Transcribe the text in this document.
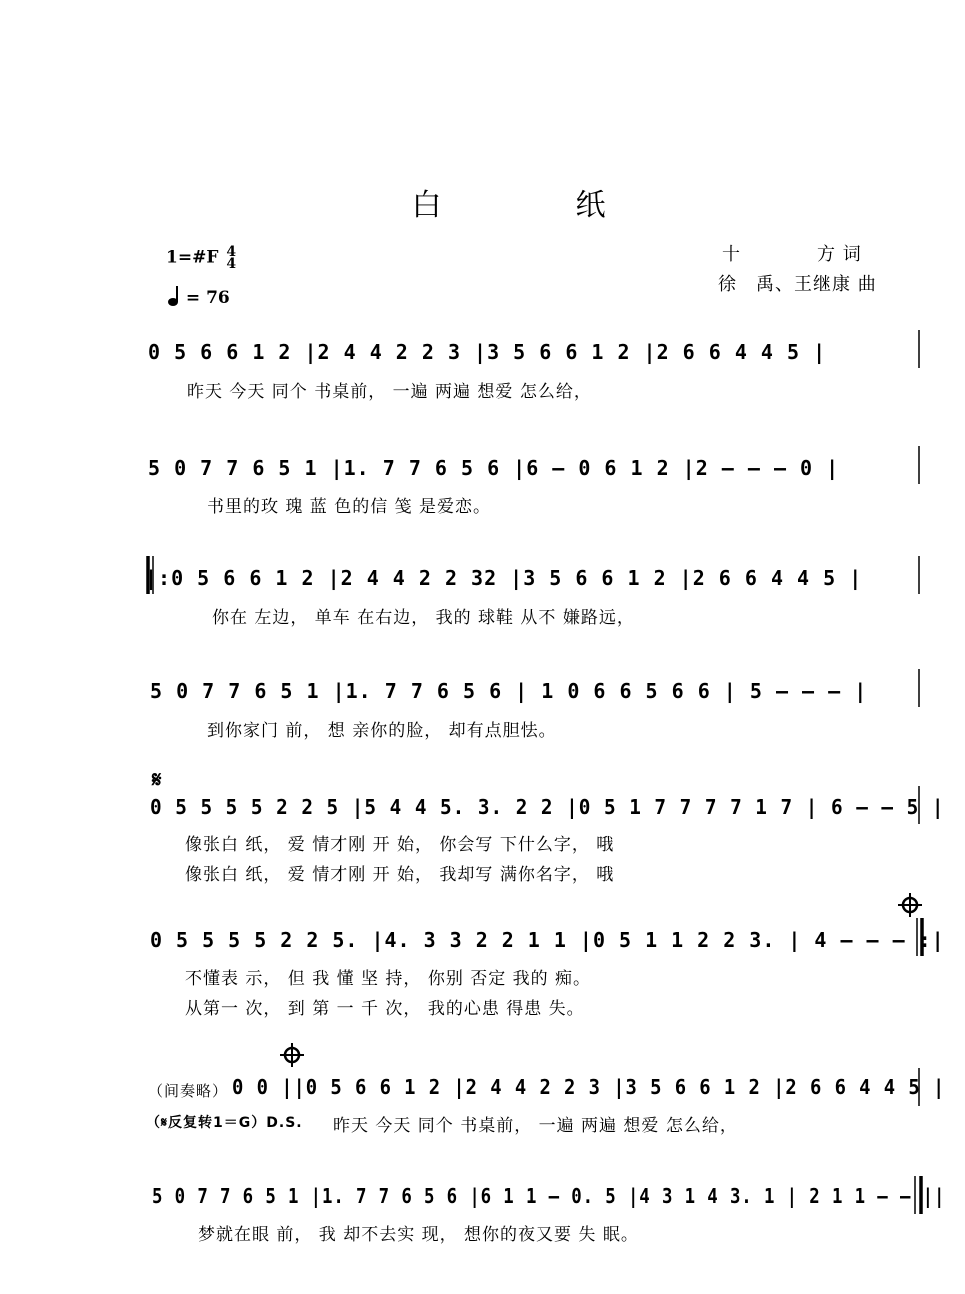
白　纸
1=#F 4
4
= 76
十　　　　方 词
徐　禹、王继康 曲
0 5 6 6 1 2 |2 4 4 2 2 3 |3 5 6 6 1 2 |2 6 6 4 4 5 |
昨天 今天 同个 书桌前， 一遍 两遍 想爱 怎么给，
5 0 7 7 6 5 1 |1. 7 7 6 5 6 |6 – 0 6 1 2 |2 – – – 0 |
书里的玫 瑰 蓝 色的信 笺 是爱恋。
|:0 5 6 6 1 2 |2 4 4 2 2 32 |3 5 6 6 1 2 |2 6 6 4 4 5 |
你在 左边， 单车 在右边， 我的 球鞋 从不 嫌路远，
5 0 7 7 6 5 1 |1. 7 7 6 5 6 | 1 0 6 6 5 6 6 | 5 – – – |
到你家门 前， 想 亲你的脸， 却有点胆怯。
𝄋
0 5 5 5 5 2 2 5 |5 4 4 5. 3. 2 2 |0 5 1 7 7 7 7 1 7 | 6 – – 5 |
像张白 纸， 爱 情才刚 开 始， 你会写 下什么字， 哦
像张白 纸， 爱 情才刚 开 始， 我却写 满你名字， 哦
0 5 5 5 5 2 2 5. |4. 3 3 2 2 1 1 |0 5 1 1 2 2 3. | 4 – – – :|
不懂表 示， 但 我 懂 坚 持， 你别 否定 我的 痴。
从第一 次， 到 第 一 千 次， 我的心患 得患 失。
（间奏略） 0 0 ||0 5 6 6 1 2 |2 4 4 2 2 3 |3 5 6 6 1 2 |2 6 6 4 4 5 |
（𝄋反复转1＝G）D.S. 昨天 今天 同个 书桌前， 一遍 两遍 想爱 怎么给，
5 0 7 7 6 5 1 |1. 7 7 6 5 6 |6 1 1 – 0. 5 |4 3 1 4 3. 1 | 2 1 1 – – ||
梦就在眼 前， 我 却不去实 现， 想你的夜又要 失 眠。
